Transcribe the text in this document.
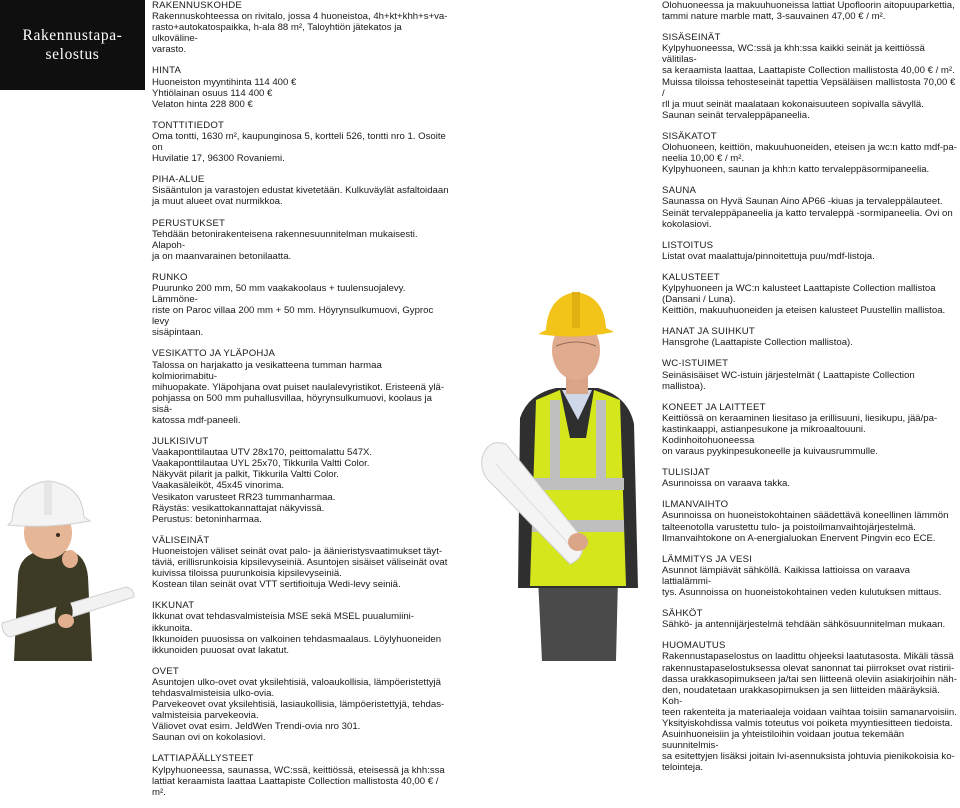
Rakennustapa-
selostus
RAKENNUSKOHDE
Rakennuskohteessa on rivitalo, jossa 4 huoneistoa, 4h+kt+khh+s+va-
rasto+autokatospaikka, h-ala 88 m², Taloyhtiön jätekatos ja ulkoväline-
varasto.
HINTA
Huoneiston myyntihinta 114 400 €
Yhtiölainan osuus 114 400 €
Velaton hinta 228 800 €
TONTTITIEDOT
Oma tontti, 1630 m², kaupunginosa 5, kortteli 526, tontti nro 1. Osoite on
Huvilatie 17, 96300 Rovaniemi.
PIHA-ALUE
Sisääntulon ja varastojen edustat kivetetään. Kulkuväylät asfaltoidaan
ja muut alueet ovat nurmikkoa.
PERUSTUKSET
Tehdään betonirakenteisena rakennesuunnitelman mukaisesti. Alapoh-
ja on maanvarainen betonilaatta.
RUNKO
Puurunko 200 mm, 50 mm vaakakoolaus + tuulensuojalevy. Lämmöne-
riste on Paroc villaa 200 mm + 50 mm. Höyrynsulkumuovi, Gyproc levy
sisäpintaan.
VESIKATTO JA YLÄPOHJA
Talossa on harjakatto ja vesikatteena tumman harmaa kolmiorimabitu-
mihuopakate. Yläpohjana ovat puiset naulalevyristikot. Eristeenä ylä-
pohjassa on 500 mm puhallusvillaa, höyrynsulkumuovi, koolaus ja sisä-
katossa mdf-paneeli.
JULKISIVUT
Vaakaponttilautaa UTV 28x170, peittomalattu 547X.
Vaakaponttilautaa UYL 25x70, Tikkurila Valtti Color.
Näkyvät pilarit ja palkit, Tikkurila Valtti Color.
Vaakasäleiköt, 45x45 vinorima.
Vesikaton varusteet RR23 tummanharmaa.
Räystäs: vesikattokannattajat näkyvissä.
Perustus: betoninharmaa.
VÄLISEINÄT
Huoneistojen väliset seinät ovat palo- ja äänieristysvaatimukset täyt-
täviä, erillisrunkoisia kipsilevyseiniä. Asuntojen sisäiset väliseinät ovat
kuivissa tiloissa puurunkoisia kipsilevyseiniä.
Kostean tilan seinät ovat VTT sertifioituja Wedi-levy seiniä.
IKKUNAT
Ikkunat ovat tehdasvalmisteisia MSE sekä MSEL puualumiini-ikkunoita.
Ikkunoiden puuosissa on valkoinen tehdasmaalaus. Löylyhuoneiden
ikkunoiden puuosat ovat lakatut.
OVET
Asuntojen ulko-ovet ovat yksilehtisiä, valoaukollisia, lämpöeristettyjä
tehdasvalmisteisia ulko-ovia.
Parvekeovet ovat yksilehtisiä, lasiaukollisia, lämpöeristettyjä, tehdas-
valmisteisia parvekeovia.
Väliovet ovat esim. JeldWen Trendi-ovia nro 301.
Saunan ovi on kokolasiovi.
LATTIAPÄÄLLYSTEET
Kylpyhuoneessa, saunassa, WC:ssä, keittiössä, eteisessä ja khh:ssa
lattiat keraamista laattaa Laattapiste Collection mallistosta 40,00 € / m².
Olohuoneessa ja makuuhuoneissa lattiat Upofloorin aitopuuparkettia,
tammi nature marble matt, 3-sauvainen 47,00 € / m².
SISÄSEINÄT
Kylpyhuoneessa, WC:ssä ja khh:ssa kaikki seinät ja keittiössä välitilas-
sa keraamista laattaa, Laattapiste Collection mallistosta 40,00 € / m².
Muissa tiloissa tehosteseinät tapettia Vepsäläisen mallistosta 70,00 € /
rll ja muut seinät maalataan kokonaisuuteen sopivalla sävyllä.
Saunan seinät tervaleppäpaneelia.
SISÄKATOT
Olohuoneen, keittiön, makuuhuoneiden, eteisen ja wc:n katto mdf-pa-
neelia 10,00 € / m².
Kylpyhuoneen, saunan ja khh:n katto tervaleppäsormipaneelia.
SAUNA
Saunassa on Hyvä Saunan Aino AP66 -kiuas ja tervaleppälauteet.
Seinät tervaleppäpaneelia ja katto tervaleppä -sormipaneelia. Ovi on
kokolasiovi.
LISTOITUS
Listat ovat maalattuja/pinnoitettuja puu/mdf-listoja.
KALUSTEET
Kylpyhuoneen ja WC:n kalusteet Laattapiste Collection mallistoa
(Dansani / Luna).
Keittiön, makuuhuoneiden ja eteisen kalusteet Puustellin mallistoa.
HANAT JA SUIHKUT
Hansgrohe (Laattapiste Collection mallistoa).
WC-ISTUIMET
Seinäsisäiset WC-istuin järjestelmät ( Laattapiste Collection mallistoa).
KONEET JA LAITTEET
Keittiössä on keraaminen liesitaso ja erillisuuni, liesikupu, jää/pa-
kastinkaappi, astianpesukone ja mikroaaltouuni. Kodinhoitohuoneessa
on varaus pyykinpesukoneelle ja kuivausrummulle.
TULISIJAT
Asunnoissa on varaava takka.
ILMANVAIHTO
Asunnoissa on huoneistokohtainen säädettävä koneellinen lämmön
talteenotolla varustettu tulo- ja poistoilmanvaihtojärjestelmä.
Ilmanvaihtokone on A-energialuokan Enervent Pingvin eco ECE.
LÄMMITYS JA VESI
Asunnot lämpiävät sähköllä. Kaikissa lattioissa on varaava lattialämmi-
tys. Asunnoissa on huoneistokohtainen veden kulutuksen mittaus.
SÄHKÖT
Sähkö- ja antennijärjestelmä tehdään sähkösuunnitelman mukaan.
HUOMAUTUS
Rakennustapaselostus on laadittu ohjeeksi laatutasosta. Mikäli tässä
rakennustapaselostuksessa olevat sanonnat tai piirrokset ovat ristirii-
dassa urakkasopimukseen ja/tai sen liitteenä oleviin asiakirjoihin näh-
den, noudatetaan urakkasopimuksen ja sen liitteiden määräyksiä. Koh-
teen rakenteita ja materiaaleja voidaan vaihtaa toisiin samanarvoisiin.
Yksityiskohdissa valmis toteutus voi poiketa myyntiesitteen tiedoista.
Asuinhuoneisiin ja yhteistiloihin voidaan joutua tekemään suunnitelmis-
sa esitettyjen lisäksi joitain lvi-asennuksista johtuvia pienikokoisia ko-
telointeja.
